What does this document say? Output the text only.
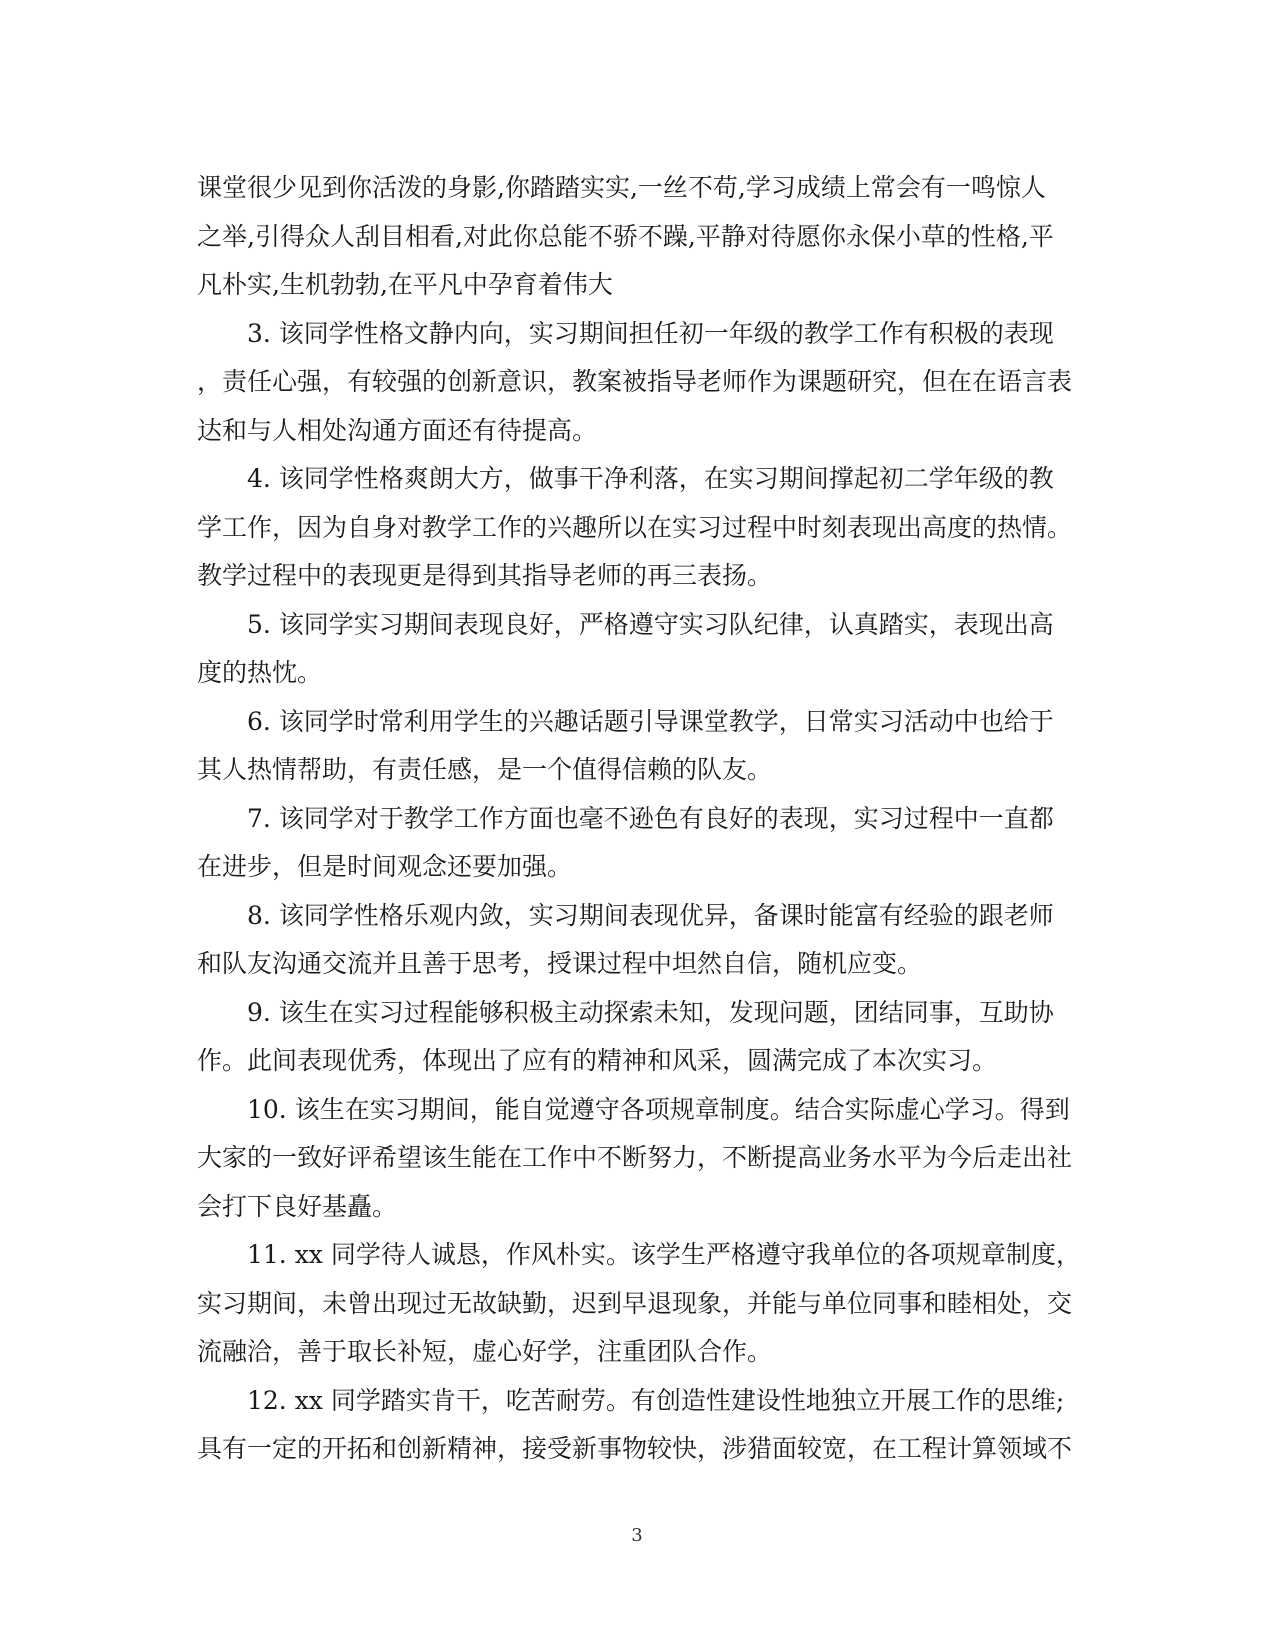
课堂很少见到你活泼的身影,你踏踏实实,一丝不苟,学习成绩上常会有一鸣惊人
之举,引得众人刮目相看,对此你总能不骄不躁,平静对待愿你永保小草的性格,平
凡朴实,生机勃勃,在平凡中孕育着伟大
3. 该同学性格文静内向，实习期间担任初一年级的教学工作有积极的表现
，责任心强，有较强的创新意识，教案被指导老师作为课题研究，但在在语言表
达和与人相处沟通方面还有待提高。
4. 该同学性格爽朗大方，做事干净利落，在实习期间撑起初二学年级的教
学工作，因为自身对教学工作的兴趣所以在实习过程中时刻表现出高度的热情。
教学过程中的表现更是得到其指导老师的再三表扬。
5. 该同学实习期间表现良好，严格遵守实习队纪律，认真踏实，表现出高
度的热忱。
6. 该同学时常利用学生的兴趣话题引导课堂教学，日常实习活动中也给于
其人热情帮助，有责任感，是一个值得信赖的队友。
7. 该同学对于教学工作方面也毫不逊色有良好的表现，实习过程中一直都
在进步，但是时间观念还要加强。
8. 该同学性格乐观内敛，实习期间表现优异，备课时能富有经验的跟老师
和队友沟通交流并且善于思考，授课过程中坦然自信，随机应变。
9. 该生在实习过程能够积极主动探索未知，发现问题，团结同事，互助协
作。此间表现优秀，体现出了应有的精神和风采，圆满完成了本次实习。
10. 该生在实习期间，能自觉遵守各项规章制度。结合实际虚心学习。得到
大家的一致好评希望该生能在工作中不断努力，不断提高业务水平为今后走出社
会打下良好基矗。
11. xx 同学待人诚恳，作风朴实。该学生严格遵守我单位的各项规章制度，
实习期间，未曾出现过无故缺勤，迟到早退现象，并能与单位同事和睦相处，交
流融洽，善于取长补短，虚心好学，注重团队合作。
12. xx 同学踏实肯干，吃苦耐劳。有创造性建设性地独立开展工作的思维;
具有一定的开拓和创新精神，接受新事物较快，涉猎面较宽，在工程计算领域不
3
